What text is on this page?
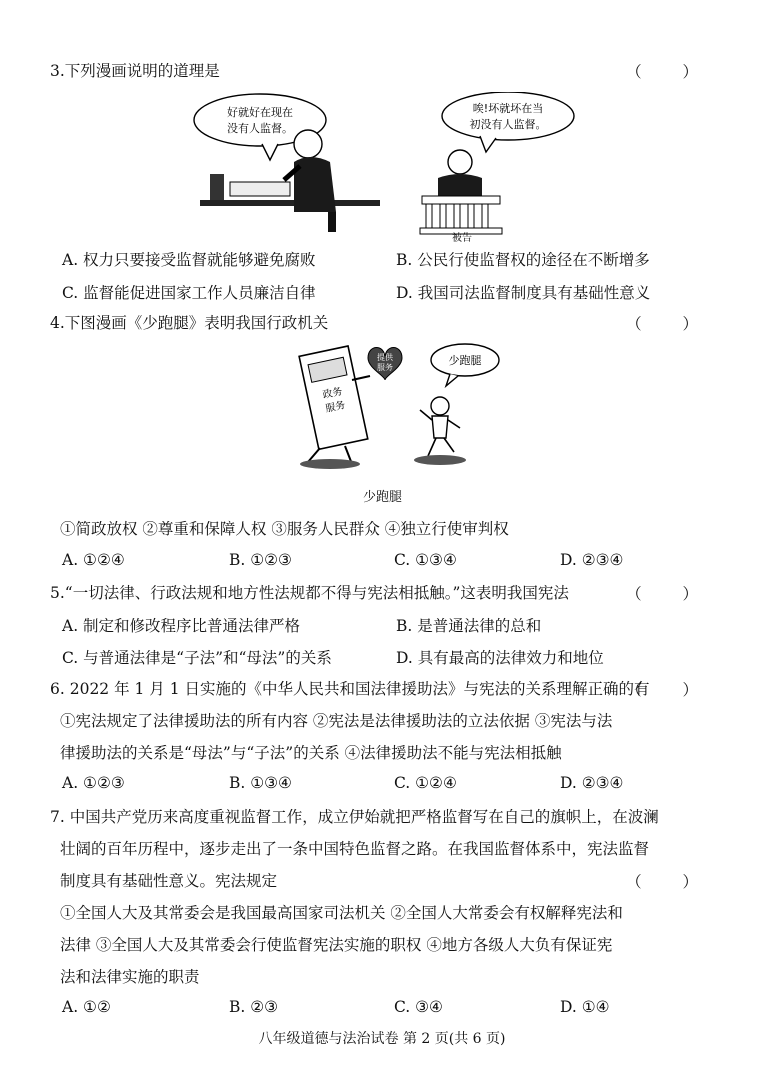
3.下列漫画说明的道理是	（ ）
好就好在现在
没有人监督。
唉!坏就坏在当
初没有人监督。
被告
A. 权力只要接受监督就能够避免腐败	B. 公民行使监督权的途径在不断增多
C. 监督能促进国家工作人员廉洁自律	D. 我国司法监督制度具有基础性意义
4.下图漫画《少跑腿》表明我国行政机关	（ ）
政务
服务
提供
服务
少跑腿
少跑腿
①简政放权 ②尊重和保障人权 ③服务人民群众 ④独立行使审判权
A. ①②④	B. ①②③	C. ①③④	D. ②③④
5.“一切法律、行政法规和地方性法规都不得与宪法相抵触。”这表明我国宪法	（ ）
A. 制定和修改程序比普通法律严格	B. 是普通法律的总和
C. 与普通法律是“子法”和“母法”的关系	D. 具有最高的法律效力和地位
6. 2022 年 1 月 1 日实施的《中华人民共和国法律援助法》与宪法的关系理解正确的有
（ ）
①宪法规定了法律援助法的所有内容 ②宪法是法律援助法的立法依据 ③宪法与法
律援助法的关系是“母法”与“子法”的关系 ④法律援助法不能与宪法相抵触
A. ①②③	B. ①③④	C. ①②④	D. ②③④
7. 中国共产党历来高度重视监督工作，成立伊始就把严格监督写在自己的旗帜上，在波澜
壮阔的百年历程中，逐步走出了一条中国特色监督之路。在我国监督体系中，宪法监督
制度具有基础性意义。宪法规定	（ ）
①全国人大及其常委会是我国最高国家司法机关 ②全国人大常委会有权解释宪法和
法律 ③全国人大及其常委会行使监督宪法实施的职权 ④地方各级人大负有保证宪
法和法律实施的职责
A. ①②	B. ②③	C. ③④	D. ①④
八年级道德与法治试卷 第 2 页(共 6 页)
